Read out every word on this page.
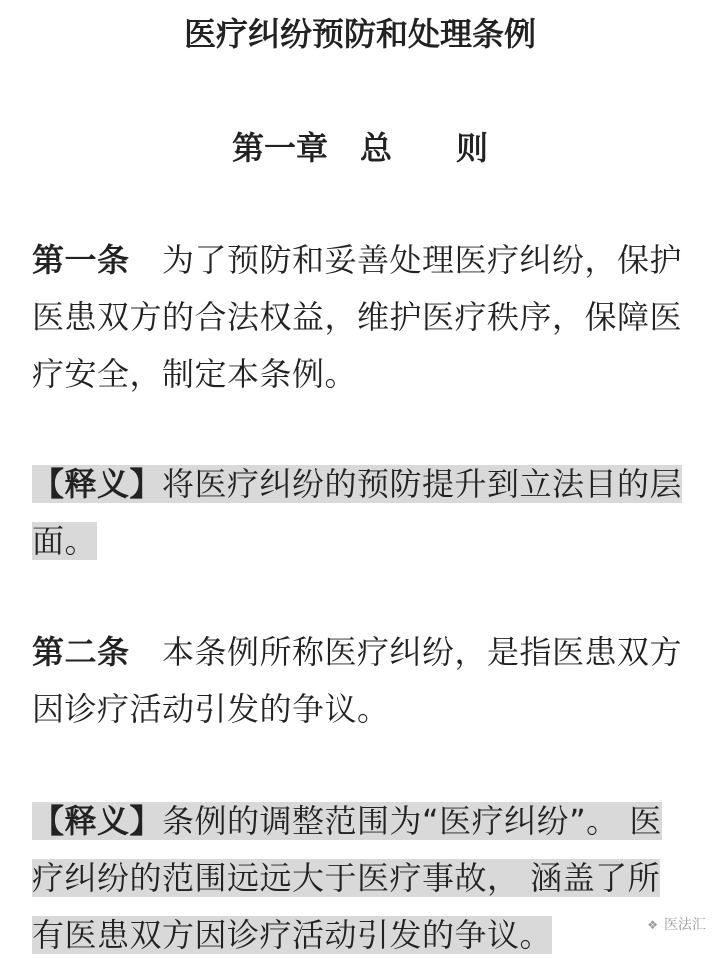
医疗纠纷预防和处理条例
第一章　总　　则
第一条  为了预防和妥善处理医疗纠纷，保护医患双方的合法权益，维护医疗秩序，保障医疗安全，制定本条例。
【释义】将医疗纠纷的预防提升到立法目的层面。
第二条  本条例所称医疗纠纷，是指医患双方因诊疗活动引发的争议。
【释义】条例的调整范围为“医疗纠纷”。 医疗纠纷的范围远远大于医疗事故， 涵盖了所有医患双方因诊疗活动引发的争议。	❖ 医法汇
